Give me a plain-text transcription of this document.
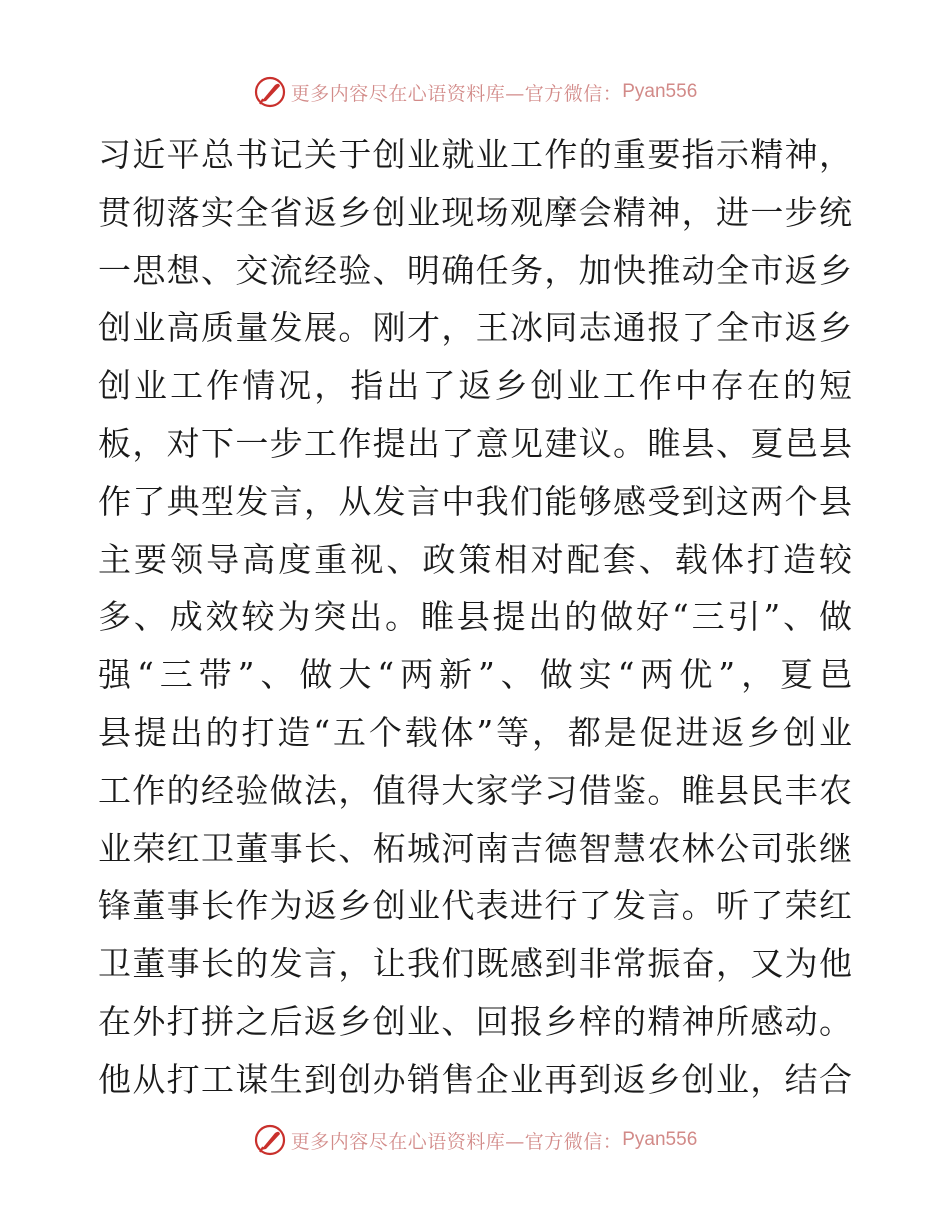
更多内容尽在心语资料库—官方微信： Pyan556
习近平总书记关于创业就业工作的重要指示精神，
贯彻落实全省返乡创业现场观摩会精神，进一步统
一思想、交流经验、明确任务，加快推动全市返乡
创业高质量发展。刚才，王冰同志通报了全市返乡
创业工作情况，指出了返乡创业工作中存在的短
板，对下一步工作提出了意见建议。睢县、夏邑县
作了典型发言，从发言中我们能够感受到这两个县
主要领导高度重视、政策相对配套、载体打造较
多、成效较为突出。睢县提出的做好“三引”、做
强“三带”、做大“两新”、做实“两优”，夏邑
县提出的打造“五个载体”等，都是促进返乡创业
工作的经验做法，值得大家学习借鉴。睢县民丰农
业荣红卫董事长、柘城河南吉德智慧农林公司张继
锋董事长作为返乡创业代表进行了发言。听了荣红
卫董事长的发言，让我们既感到非常振奋，又为他
在外打拼之后返乡创业、回报乡梓的精神所感动。
他从打工谋生到创办销售企业再到返乡创业，结合
更多内容尽在心语资料库—官方微信： Pyan556
